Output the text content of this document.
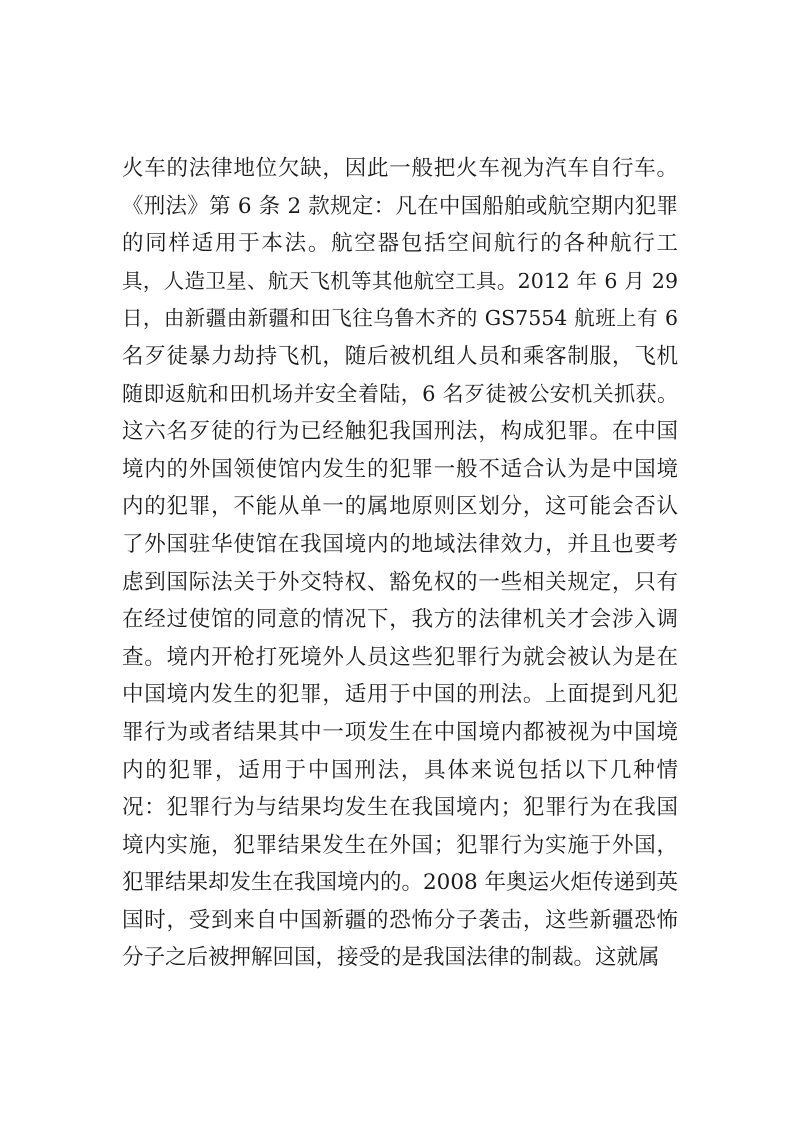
火车的法律地位欠缺，因此一般把火车视为汽车自行车。
《刑法》第 6 条 2 款规定：凡在中国船舶或航空期内犯罪
的同样适用于本法。航空器包括空间航行的各种航行工
具，人造卫星、航天飞机等其他航空工具。2012 年 6 月 29
日，由新疆由新疆和田飞往乌鲁木齐的 GS7554 航班上有 6
名歹徒暴力劫持飞机，随后被机组人员和乘客制服，飞机
随即返航和田机场并安全着陆，6 名歹徒被公安机关抓获。
这六名歹徒的行为已经触犯我国刑法，构成犯罪。在中国
境内的外国领使馆内发生的犯罪一般不适合认为是中国境
内的犯罪，不能从单一的属地原则区划分，这可能会否认
了外国驻华使馆在我国境内的地域法律效力，并且也要考
虑到国际法关于外交特权、豁免权的一些相关规定，只有
在经过使馆的同意的情况下，我方的法律机关才会涉入调
查。境内开枪打死境外人员这些犯罪行为就会被认为是在
中国境内发生的犯罪，适用于中国的刑法。上面提到凡犯
罪行为或者结果其中一项发生在中国境内都被视为中国境
内的犯罪，适用于中国刑法，具体来说包括以下几种情
况：犯罪行为与结果均发生在我国境内；犯罪行为在我国
境内实施，犯罪结果发生在外国；犯罪行为实施于外国，
犯罪结果却发生在我国境内的。2008 年奥运火炬传递到英
国时，受到来自中国新疆的恐怖分子袭击，这些新疆恐怖
分子之后被押解回国，接受的是我国法律的制裁。这就属
